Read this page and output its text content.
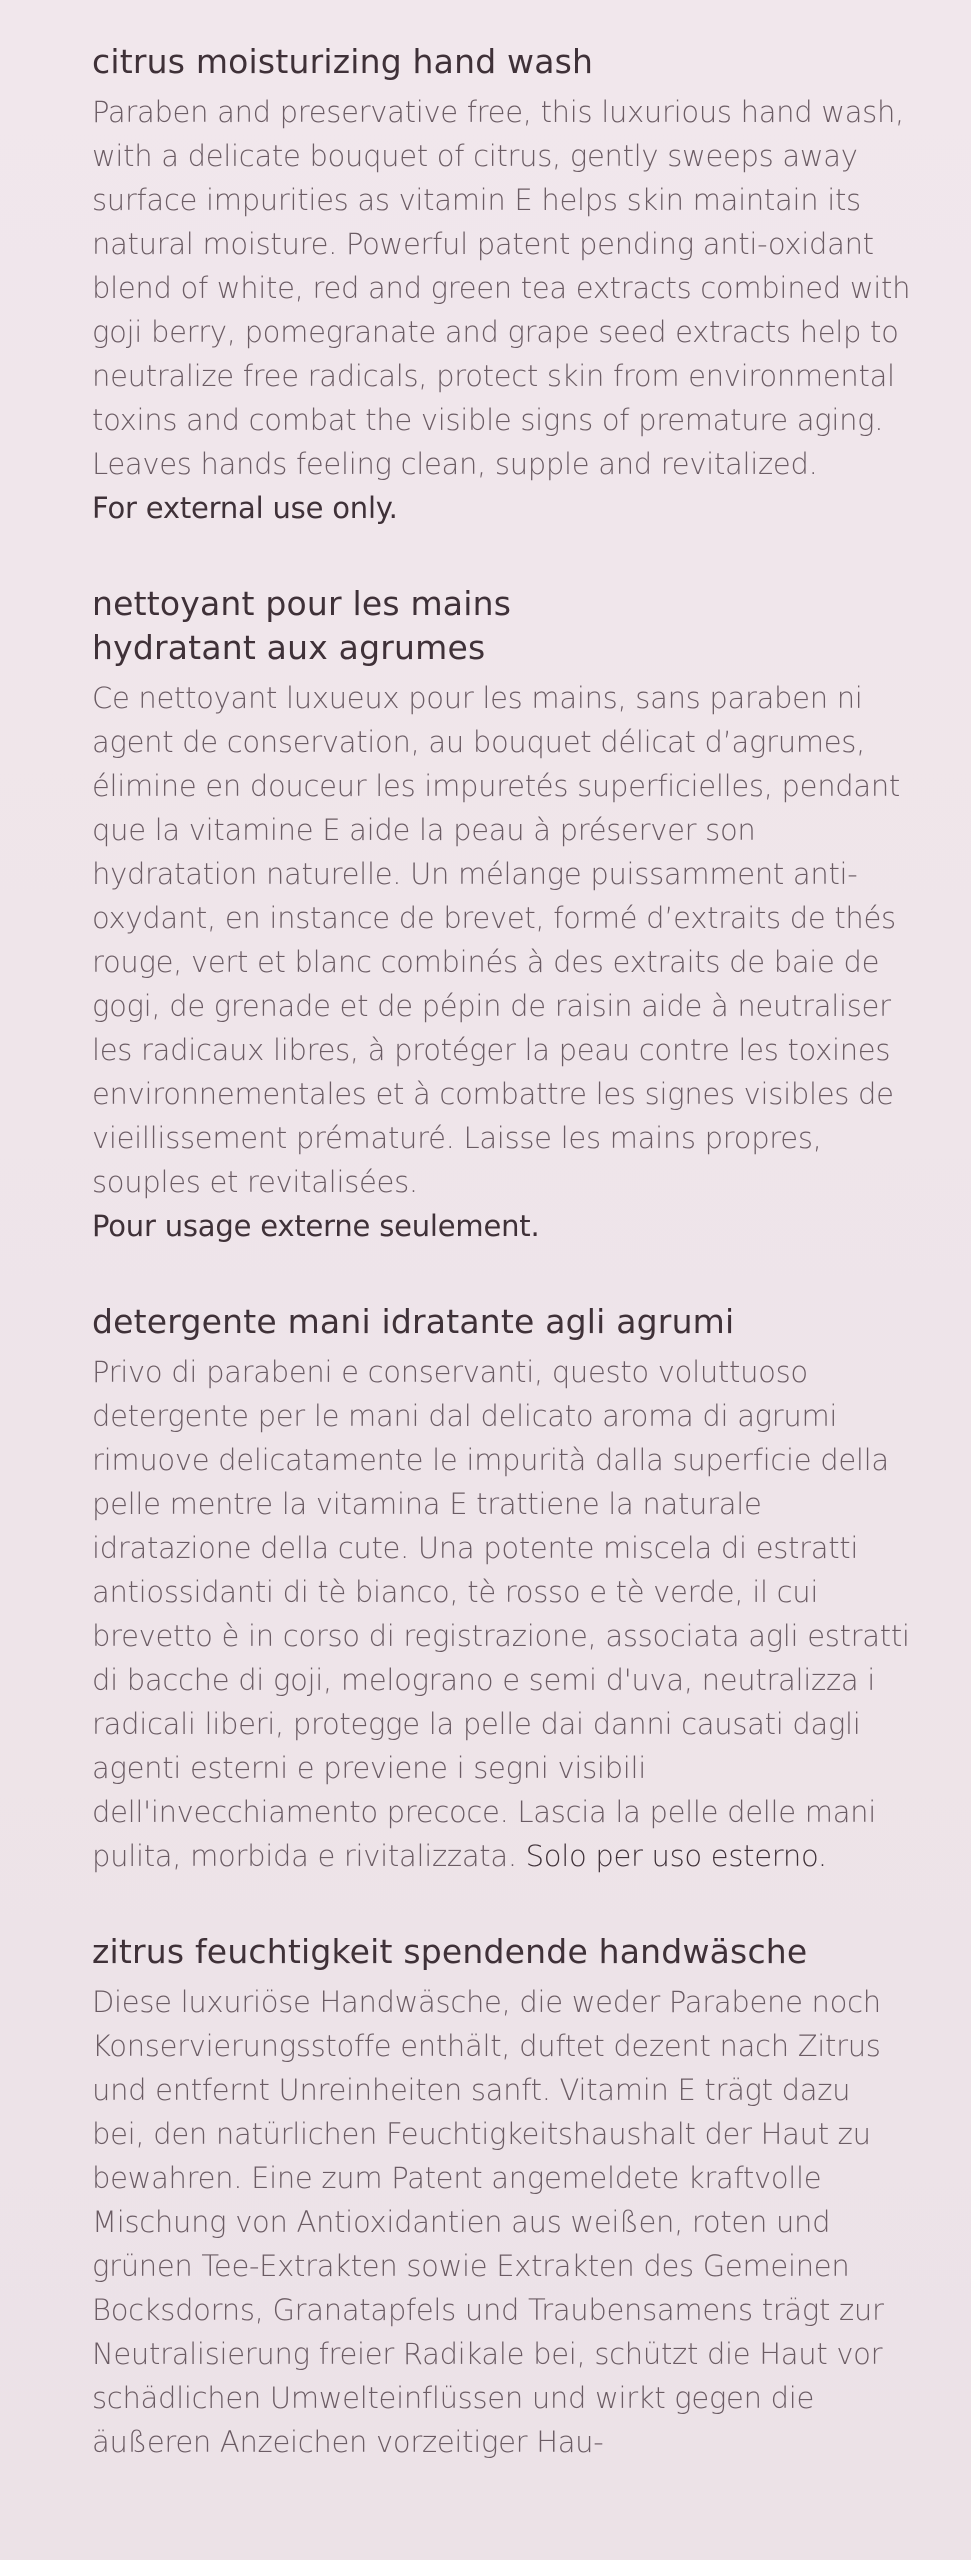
citrus moisturizing hand wash

Paraben and preservative free, this luxurious hand wash, with a delicate bouquet of citrus, gently sweeps away surface impurities as vitamin E helps skin maintain its natural moisture. Powerful patent pending anti-oxidant blend of white, red and green tea extracts combined with goji berry, pomegranate and grape seed extracts help to neutralize free radicals, protect skin from environmental toxins and combat the visible signs of premature aging. Leaves hands feeling clean, supple and revitalized.

For external use only.

nettoyant pour les mains
hydratant aux agrumes

Ce nettoyant luxueux pour les mains, sans paraben ni agent de conservation, au bouquet délicat d’agrumes, élimine en douceur les impuretés superficielles, pendant que la vitamine E aide la peau à préserver son hydratation naturelle. Un mélange puissamment anti-oxydant, en instance de brevet, formé d’extraits de thés rouge, vert et blanc combinés à des extraits de baie de gogi, de grenade et de pépin de raisin aide à neutraliser les radicaux libres, à protéger la peau contre les toxines environnementales et à combattre les signes visibles de vieillissement prématuré. Laisse les mains propres, souples et revitalisées.

Pour usage externe seulement.

detergente mani idratante agli agrumi

Privo di parabeni e conservanti, questo voluttuoso detergente per le mani dal delicato aroma di agrumi rimuove delicatamente le impurità dalla superficie della pelle mentre la vitamina E trattiene la naturale idratazione della cute. Una potente miscela di estratti antiossidanti di tè bianco, tè rosso e tè verde, il cui brevetto è in corso di registrazione, associata agli estratti di bacche di goji, melograno e semi d'uva, neutralizza i radicali liberi, protegge la pelle dai danni causati dagli agenti esterni e previene i segni visibili dell'invecchiamento precoce. Lascia la pelle delle mani pulita, morbida e rivitalizzata. Solo per uso esterno.

zitrus feuchtigkeit spendende handwäsche

Diese luxuriöse Handwäsche, die weder Parabene noch Konservierungsstoffe enthält, duftet dezent nach Zitrus und entfernt Unreinheiten sanft. Vitamin E trägt dazu bei, den natürlichen Feuchtigkeitshaushalt der Haut zu bewahren. Eine zum Patent angemeldete kraftvolle Mischung von Antioxidantien aus weißen, roten und grünen Tee-Extrakten sowie Extrakten des Gemeinen Bocksdorns, Granatapfels und Traubensamens trägt zur Neutralisierung freier Radikale bei, schützt die Haut vor schädlichen Umwelteinflüssen und wirkt gegen die äußeren Anzeichen vorzeitiger Hau-
